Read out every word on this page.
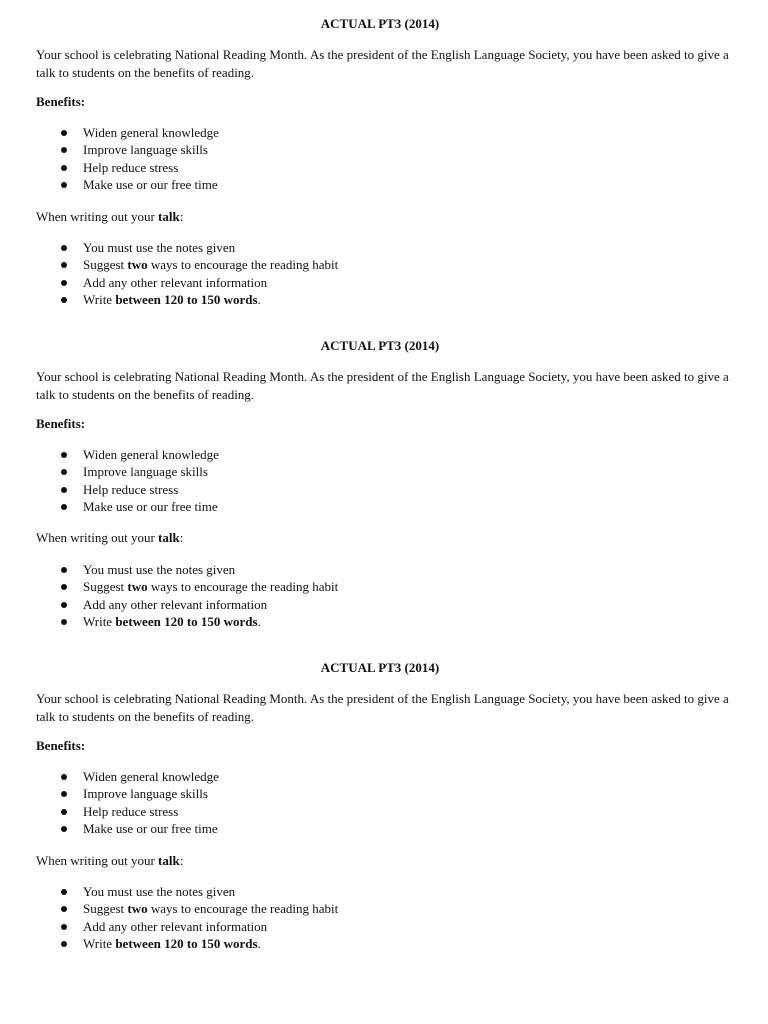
ACTUAL PT3 (2014)

Your school is celebrating National Reading Month. As the president of the English Language Society, you have been asked to give a talk to students on the benefits of reading.

Benefits:

Widen general knowledge
Improve language skills
Help reduce stress
Make use or our free time

When writing out your talk:

You must use the notes given
Suggest two ways to encourage the reading habit
Add any other relevant information
Write between 120 to 150 words.

ACTUAL PT3 (2014)

Your school is celebrating National Reading Month. As the president of the English Language Society, you have been asked to give a talk to students on the benefits of reading.

Benefits:

Widen general knowledge
Improve language skills
Help reduce stress
Make use or our free time

When writing out your talk:

You must use the notes given
Suggest two ways to encourage the reading habit
Add any other relevant information
Write between 120 to 150 words.

ACTUAL PT3 (2014)

Your school is celebrating National Reading Month. As the president of the English Language Society, you have been asked to give a talk to students on the benefits of reading.

Benefits:

Widen general knowledge
Improve language skills
Help reduce stress
Make use or our free time

When writing out your talk:

You must use the notes given
Suggest two ways to encourage the reading habit
Add any other relevant information
Write between 120 to 150 words.
